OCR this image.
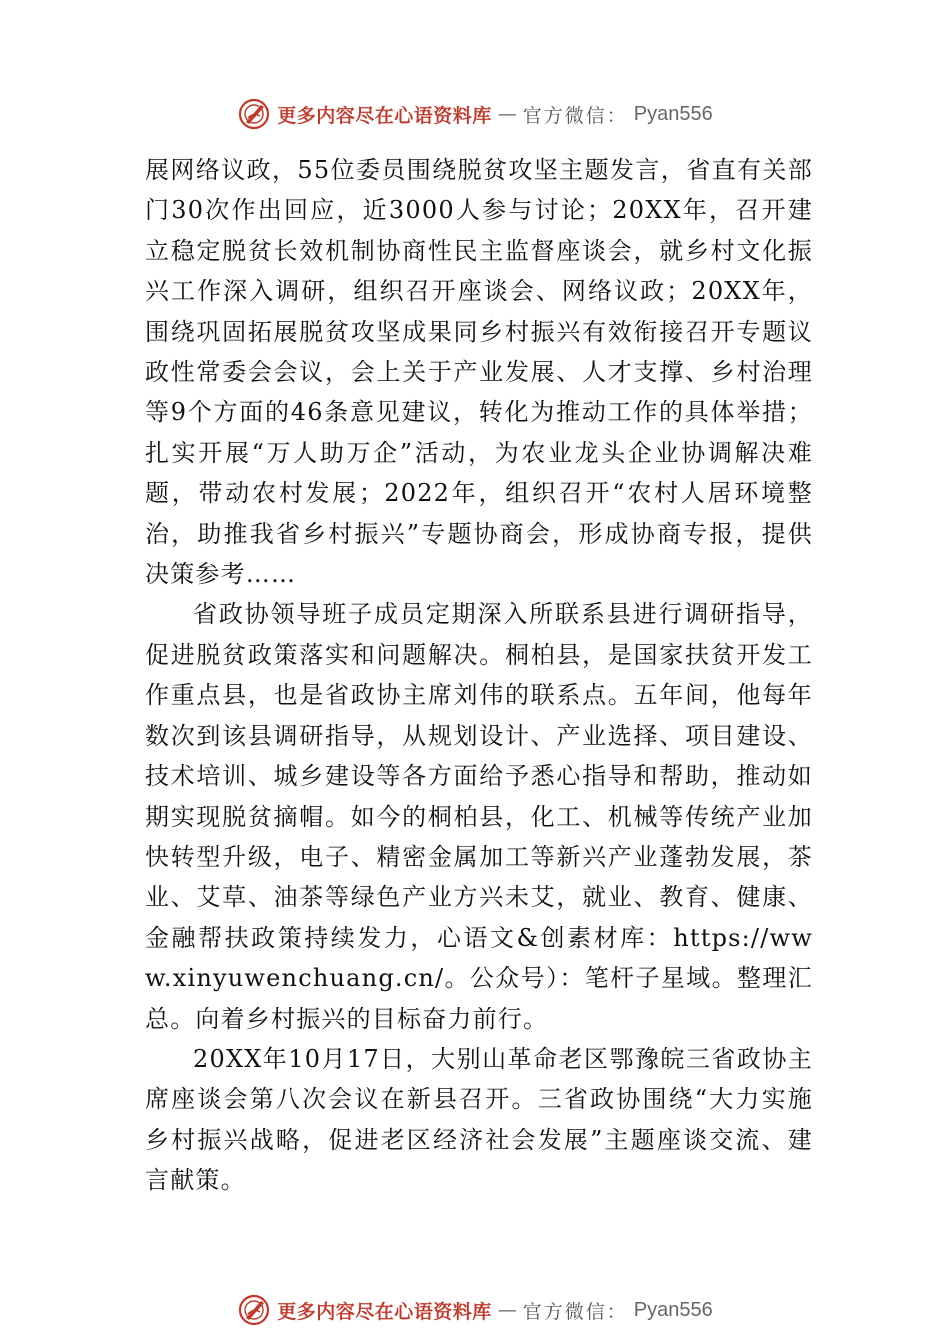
更多内容尽在心语资料库 — 官方微信： Pyan556

展网络议政，55位委员围绕脱贫攻坚主题发言，省直有关部门30次作出回应，近3000人参与讨论；20XX年，召开建立稳定脱贫长效机制协商性民主监督座谈会，就乡村文化振兴工作深入调研，组织召开座谈会、网络议政；20XX年，围绕巩固拓展脱贫攻坚成果同乡村振兴有效衔接召开专题议政性常委会会议，会上关于产业发展、人才支撑、乡村治理等9个方面的46条意见建议，转化为推动工作的具体举措；扎实开展“万人助万企”活动，为农业龙头企业协调解决难题，带动农村发展；2022年，组织召开“农村人居环境整治，助推我省乡村振兴”专题协商会，形成协商专报，提供决策参考……

省政协领导班子成员定期深入所联系县进行调研指导，促进脱贫政策落实和问题解决。桐柏县，是国家扶贫开发工作重点县，也是省政协主席刘伟的联系点。五年间，他每年数次到该县调研指导，从规划设计、产业选择、项目建设、技术培训、城乡建设等各方面给予悉心指导和帮助，推动如期实现脱贫摘帽。如今的桐柏县，化工、机械等传统产业加快转型升级，电子、精密金属加工等新兴产业蓬勃发展，茶业、艾草、油茶等绿色产业方兴未艾，就业、教育、健康、金融帮扶政策持续发力，心语文&创素材库：https://www.xinyuwenchuang.cn/。公众号）：笔杆子星域。整理汇总。向着乡村振兴的目标奋力前行。

20XX年10月17日，大别山革命老区鄂豫皖三省政协主席座谈会第八次会议在新县召开。三省政协围绕“大力实施乡村振兴战略，促进老区经济社会发展”主题座谈交流、建言献策。

更多内容尽在心语资料库 — 官方微信： Pyan556
